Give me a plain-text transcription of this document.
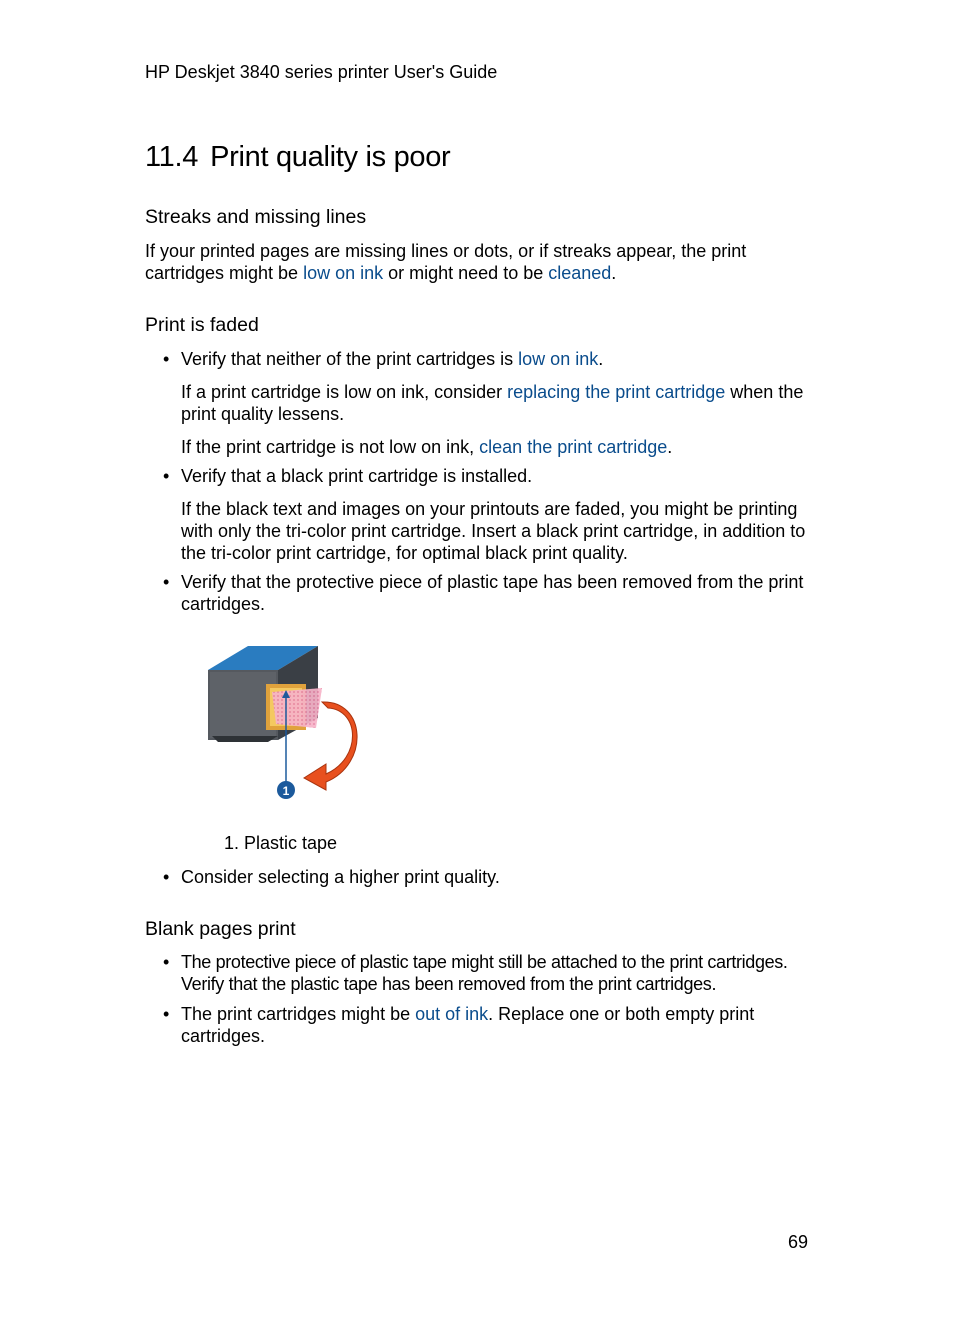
HP Deskjet 3840 series printer User's Guide
11.4 Print quality is poor
Streaks and missing lines

If your printed pages are missing lines or dots, or if streaks appear, the print
cartridges might be low on ink or might need to be cleaned.

Print is faded
• Verify that neither of the print cartridges is low on ink.

If a print cartridge is low on ink, consider replacing the print cartridge when the print quality lessens.

If the print cartridge is not low on ink, clean the print cartridge.

• Verify that a black print cartridge is installed.

If the black text and images on your printouts are faded, you might be printing with only the tri-color print cartridge. Insert a black print cartridge, in addition to the tri-color print cartridge, for optimal black print quality.

• Verify that the protective piece of plastic tape has been removed from the print cartridges.
1
1. Plastic tape
• Consider selecting a higher print quality.
Blank pages print
• The protective piece of plastic tape might still be attached to the print cartridges. Verify that the plastic tape has been removed from the print cartridges.
• The print cartridges might be out of ink. Replace one or both empty print cartridges.
69
